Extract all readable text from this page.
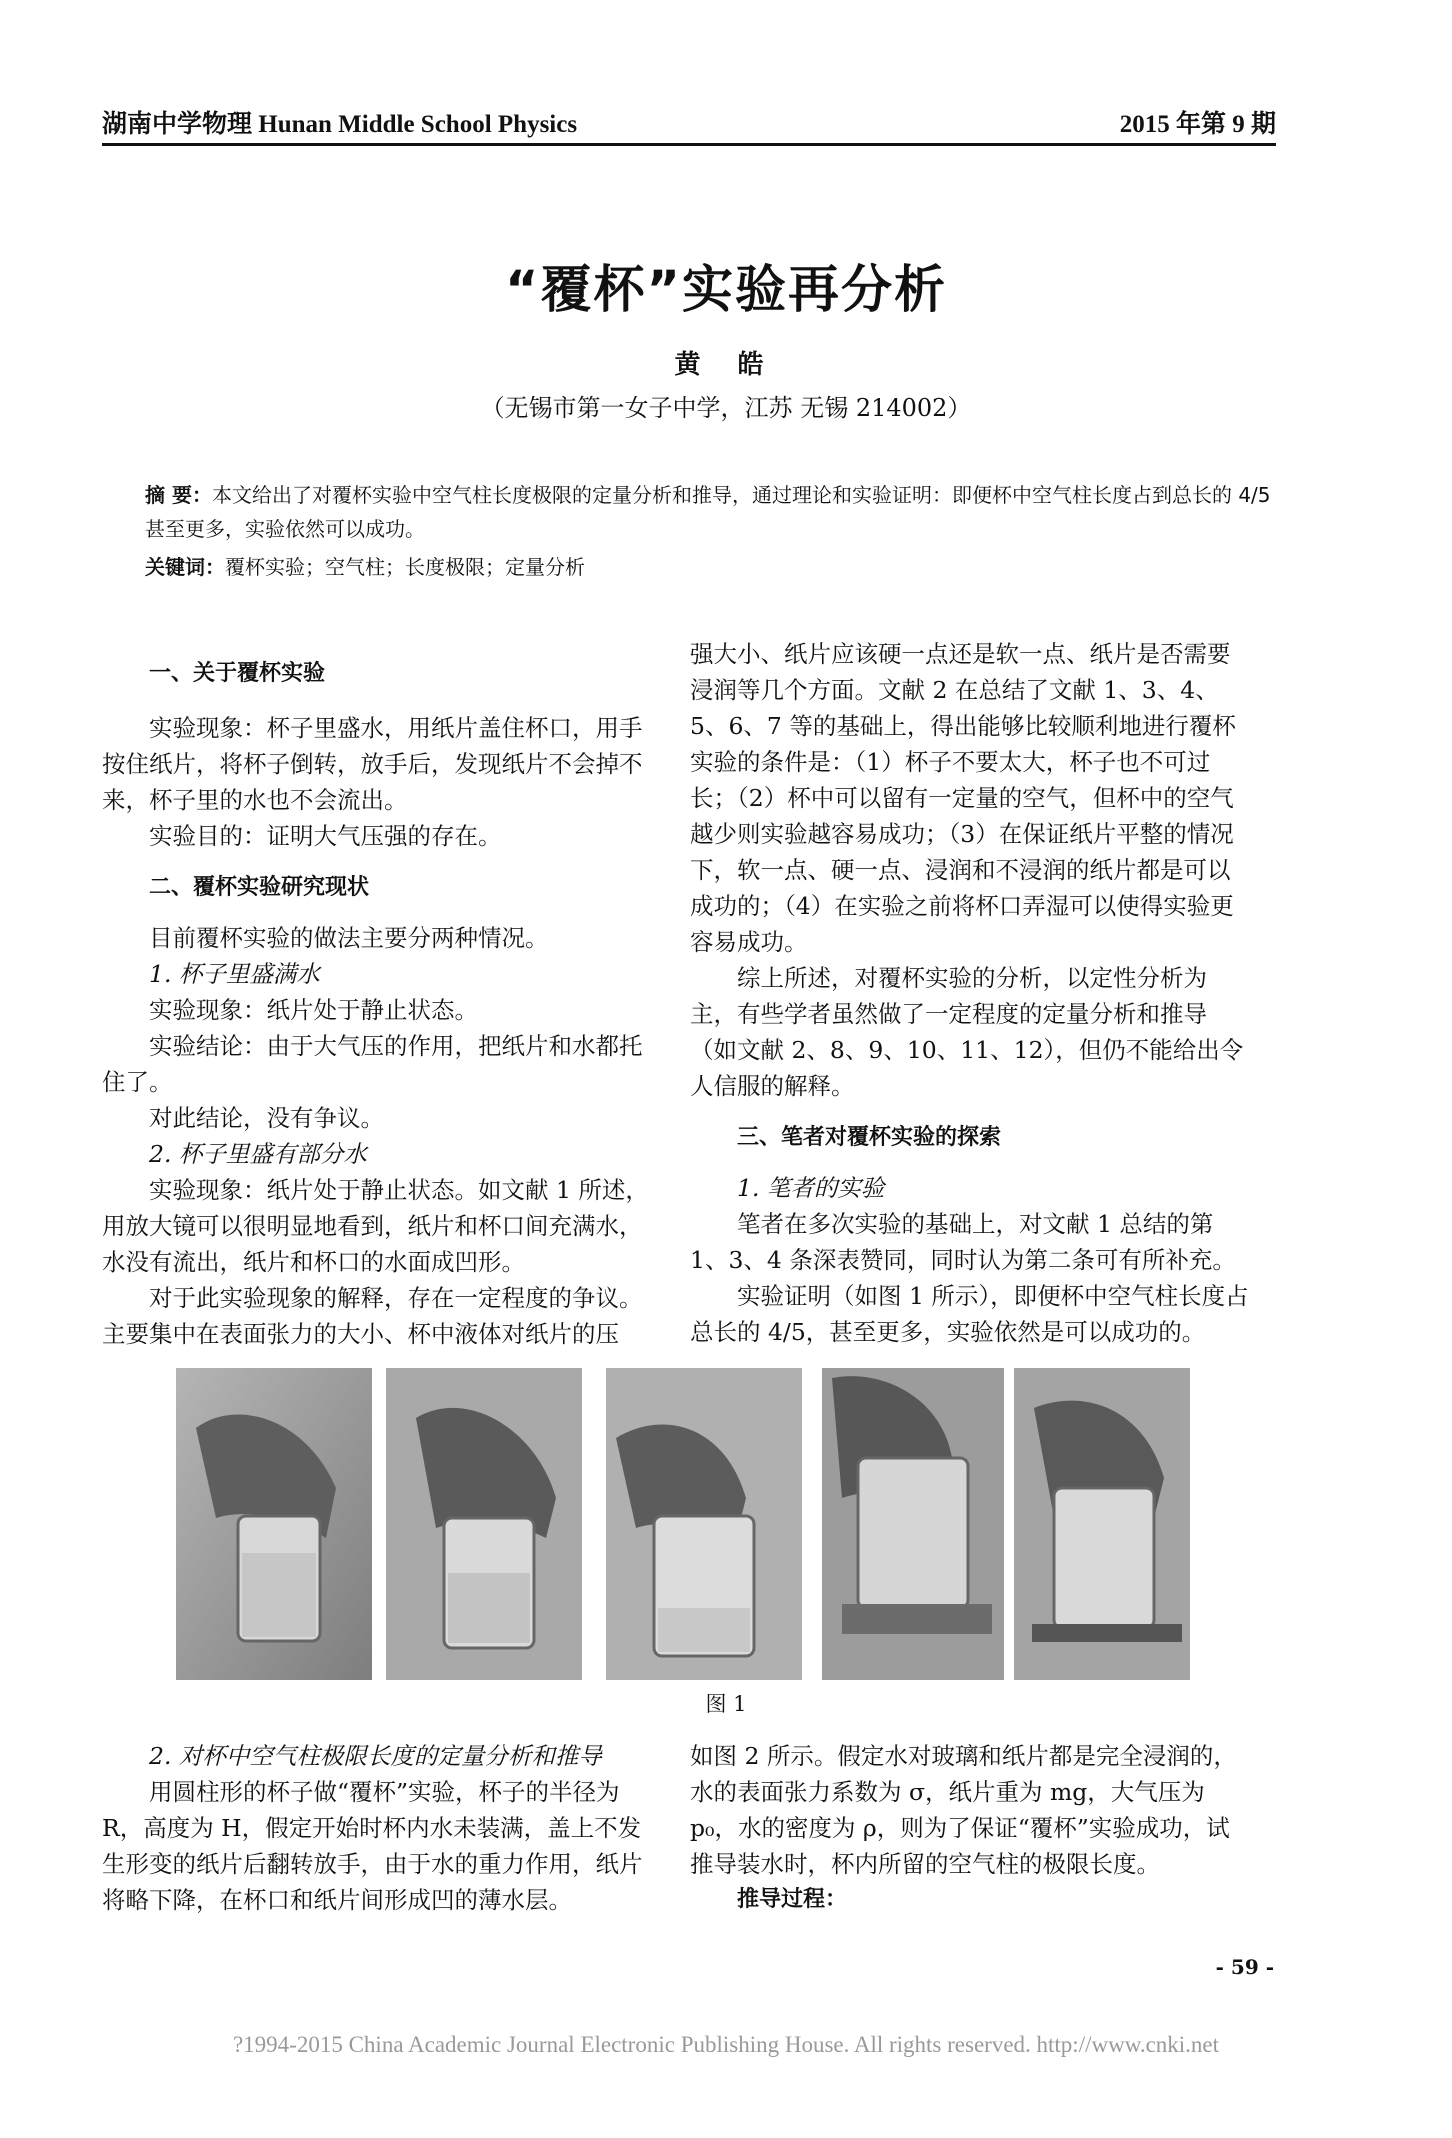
湖南中学物理 Hunan Middle School Physics	2015 年第 9 期
“覆杯”实验再分析
黄 皓
（无锡市第一女子中学，江苏 无锡 214002）
摘 要：本文给出了对覆杯实验中空气柱长度极限的定量分析和推导，通过理论和实验证明：即便杯中空气柱长度占到总长的 4/5 甚至更多，实验依然可以成功。
关键词：覆杯实验；空气柱；长度极限；定量分析

一、关于覆杯实验

实验现象：杯子里盛水，用纸片盖住杯口，用手按住纸片，将杯子倒转，放手后，发现纸片不会掉不来，杯子里的水也不会流出。

实验目的：证明大气压强的存在。

二、覆杯实验研究现状

目前覆杯实验的做法主要分两种情况。

1. 杯子里盛满水

实验现象：纸片处于静止状态。

实验结论：由于大气压的作用，把纸片和水都托住了。

对此结论，没有争议。

2. 杯子里盛有部分水

实验现象：纸片处于静止状态。如文献 1 所述，用放大镜可以很明显地看到，纸片和杯口间充满水，水没有流出，纸片和杯口的水面成凹形。

对于此实验现象的解释，存在一定程度的争议。主要集中在表面张力的大小、杯中液体对纸片的压

强大小、纸片应该硬一点还是软一点、纸片是否需要浸润等几个方面。文献 2 在总结了文献 1、3、4、5、6、7 等的基础上，得出能够比较顺利地进行覆杯实验的条件是：（1）杯子不要太大，杯子也不可过长；（2）杯中可以留有一定量的空气，但杯中的空气越少则实验越容易成功；（3）在保证纸片平整的情况下，软一点、硬一点、浸润和不浸润的纸片都是可以成功的；（4）在实验之前将杯口弄湿可以使得实验更容易成功。

综上所述，对覆杯实验的分析，以定性分析为主，有些学者虽然做了一定程度的定量分析和推导（如文献 2、8、9、10、11、12），但仍不能给出令人信服的解释。

三、笔者对覆杯实验的探索

1. 笔者的实验

笔者在多次实验的基础上，对文献 1 总结的第 1、3、4 条深表赞同，同时认为第二条可有所补充。

实验证明（如图 1 所示），即便杯中空气柱长度占总长的 4/5，甚至更多，实验依然是可以成功的。

图 1

2. 对杯中空气柱极限长度的定量分析和推导

用圆柱形的杯子做“覆杯”实验，杯子的半径为 R，高度为 H，假定开始时杯内水未装满，盖上不发生形变的纸片后翻转放手，由于水的重力作用，纸片将略下降，在杯口和纸片间形成凹的薄水层。

如图 2 所示。假定水对玻璃和纸片都是完全浸润的，水的表面张力系数为 σ，纸片重为 mg，大气压为 p₀，水的密度为 ρ，则为了保证“覆杯”实验成功，试推导装水时，杯内所留的空气柱的极限长度。

推导过程：

- 59 -
?1994-2015 China Academic Journal Electronic Publishing House. All rights reserved. http://www.cnki.net
